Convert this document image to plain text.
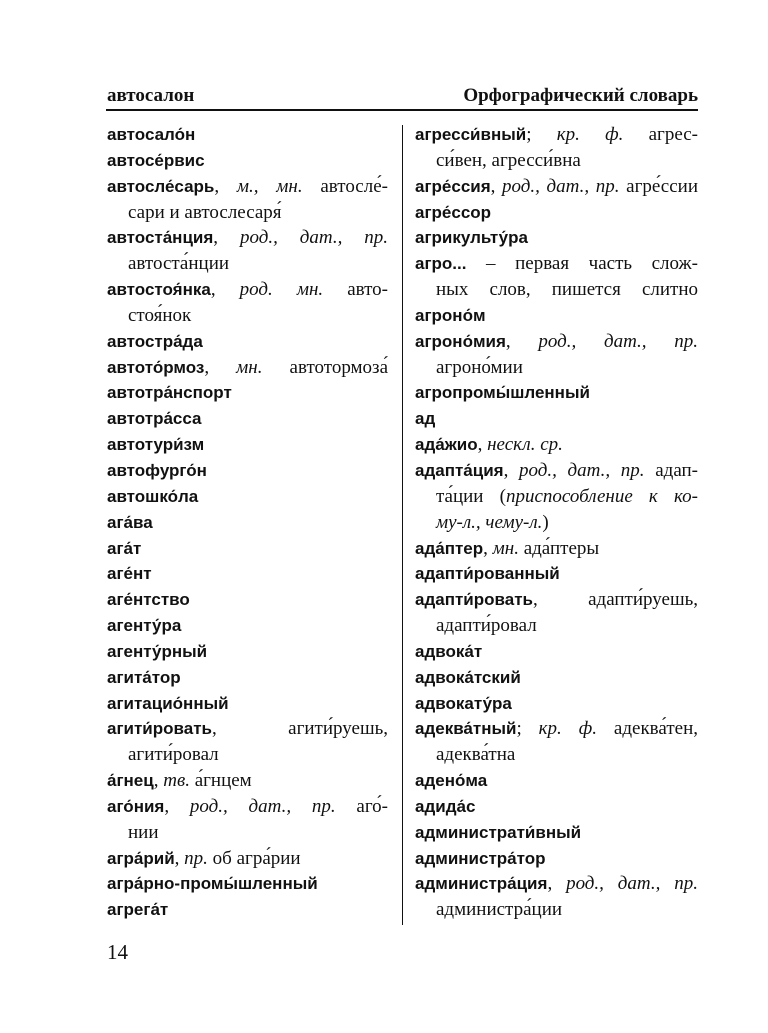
автосалон	Орфографический словарь
автосало́н
автосе́рвис
автосле́сарь, м., мн. автосле́-
сари и автослесаря́
автоста́нция, род., дат., пр.
автоста́нции
автостоя́нка, род. мн. авто-
стоя́нок
автостра́да
автото́рмоз, мн. автотормоза́
автотра́нспорт
автотра́сса
автотури́зм
автофурго́н
автошко́ла
ага́ва
ага́т
аге́нт
аге́нтство
агенту́ра
агенту́рный
агита́тор
агитацио́нный
агити́ровать, агити́руешь,
агити́ровал
а́гнец, тв. а́гнцем
аго́ния, род., дат., пр. аго́-
нии
агра́рий, пр. об агра́рии
агра́рно-промы́шленный
агрега́т
агресси́вный; кр. ф. агрес-
си́вен, агресси́вна
агре́ссия, род., дат., пр. агре́ссии
агре́ссор
агрикульту́ра
агро... – первая часть слож-
ных слов, пишется слитно
агроно́м
агроно́мия, род., дат., пр.
агроно́мии
агропромы́шленный
ад
ада́жио, нескл. ср.
адапта́ция, род., дат., пр. адап-
та́ции (приспособление к ко-
му-л., чему-л.)
ада́птер, мн. ада́птеры
адапти́рованный
адапти́ровать, адапти́руешь,
адапти́ровал
адвока́т
адвока́тский
адвокату́ра
адеква́тный; кр. ф. адеква́тен,
адеква́тна
адено́ма
адида́с
администрати́вный
администра́тор
администра́ция, род., дат., пр.
администра́ции
14
